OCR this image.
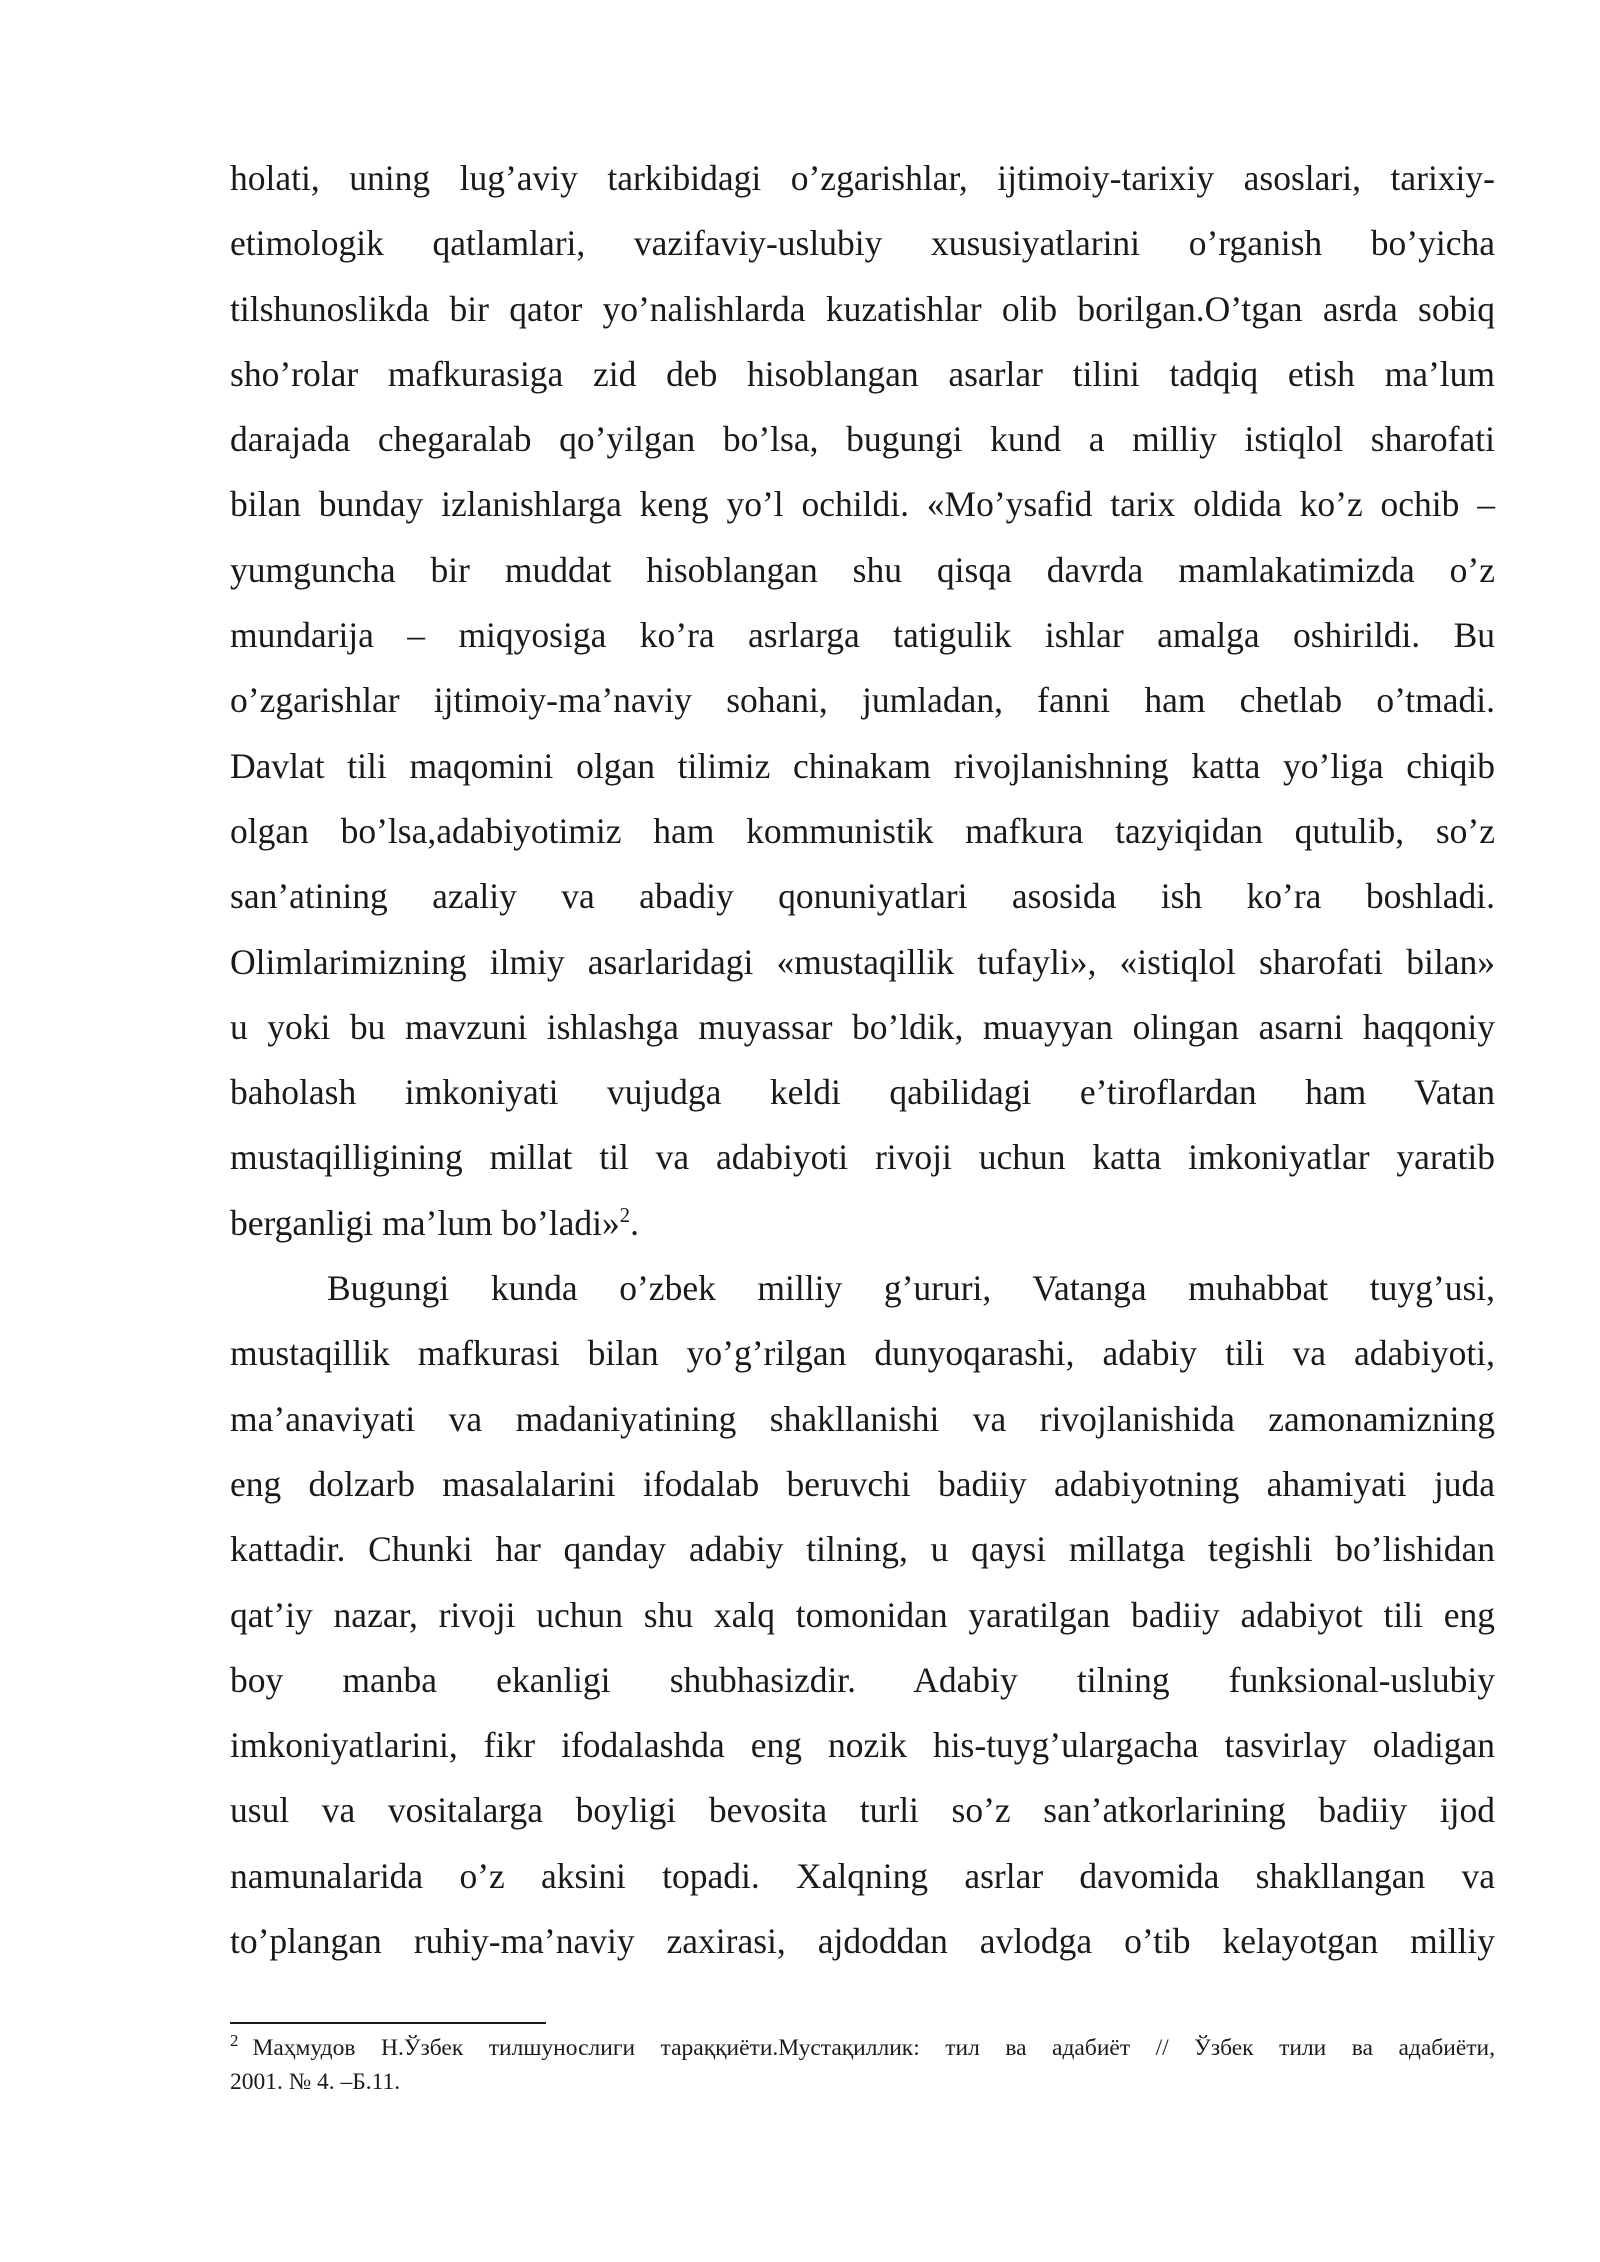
holati, uning lug’aviy tarkibidagi o’zgarishlar, ijtimoiy-tarixiy asoslari, tarixiy-
etimologik qatlamlari, vazifaviy-uslubiy xususiyatlarini o’rganish bo’yicha
tilshunoslikda bir qator yo’nalishlarda kuzatishlar olib borilgan.O’tgan asrda sobiq
sho’rolar mafkurasiga zid deb hisoblangan asarlar tilini tadqiq etish ma’lum
darajada chegaralab qo’yilgan bo’lsa, bugungi kund a milliy istiqlol sharofati
bilan bunday izlanishlarga keng yo’l ochildi. «Mo’ysafid tarix oldida ko’z ochib –
yumguncha bir muddat hisoblangan shu qisqa davrda mamlakatimizda o’z
mundarija – miqyosiga ko’ra asrlarga tatigulik ishlar amalga oshirildi. Bu
o’zgarishlar ijtimoiy-ma’naviy sohani, jumladan, fanni ham chetlab o’tmadi.
Davlat tili maqomini olgan tilimiz chinakam rivojlanishning katta yo’liga chiqib
olgan bo’lsa,adabiyotimiz ham kommunistik mafkura tazyiqidan qutulib, so’z
san’atining azaliy va abadiy qonuniyatlari asosida ish ko’ra boshladi.
Olimlarimizning ilmiy asarlaridagi «mustaqillik tufayli», «istiqlol sharofati bilan»
u yoki bu mavzuni ishlashga muyassar bo’ldik, muayyan olingan asarni haqqoniy
baholash imkoniyati vujudga keldi qabilidagi e’tiroflardan ham Vatan
mustaqilligining millat til va adabiyoti rivoji uchun katta imkoniyatlar yaratib
berganligi ma’lum bo’ladi»$^2$.
Bugungi kunda o’zbek milliy g’ururi, Vatanga muhabbat tuyg’usi,
mustaqillik mafkurasi bilan yo’g’rilgan dunyoqarashi, adabiy tili va adabiyoti,
ma’anaviyati va madaniyatining shakllanishi va rivojlanishida zamonamizning
eng dolzarb masalalarini ifodalab beruvchi badiiy adabiyotning ahamiyati juda
kattadir. Chunki har qanday adabiy tilning, u qaysi millatga tegishli bo’lishidan
qat’iy nazar, rivoji uchun shu xalq tomonidan yaratilgan badiiy adabiyot tili eng
boy manba ekanligi shubhasizdir. Adabiy tilning funksional-uslubiy
imkoniyatlarini, fikr ifodalashda eng nozik his-tuyg’ulargacha tasvirlay oladigan
usul va vositalarga boyligi bevosita turli so’z san’atkorlarining badiiy ijod
namunalarida o’z aksini topadi. Xalqning asrlar davomida shakllangan va
to’plangan ruhiy-ma’naviy zaxirasi, ajdoddan avlodga o’tib kelayotgan milliy
$^2$ Маҳмудов Н.Ўзбек тилшунослиги тараққиёти.Мустақиллик: тил ва адабиёт // Ўзбек тили ва адабиёти,
2001. № 4. –Б.11.
